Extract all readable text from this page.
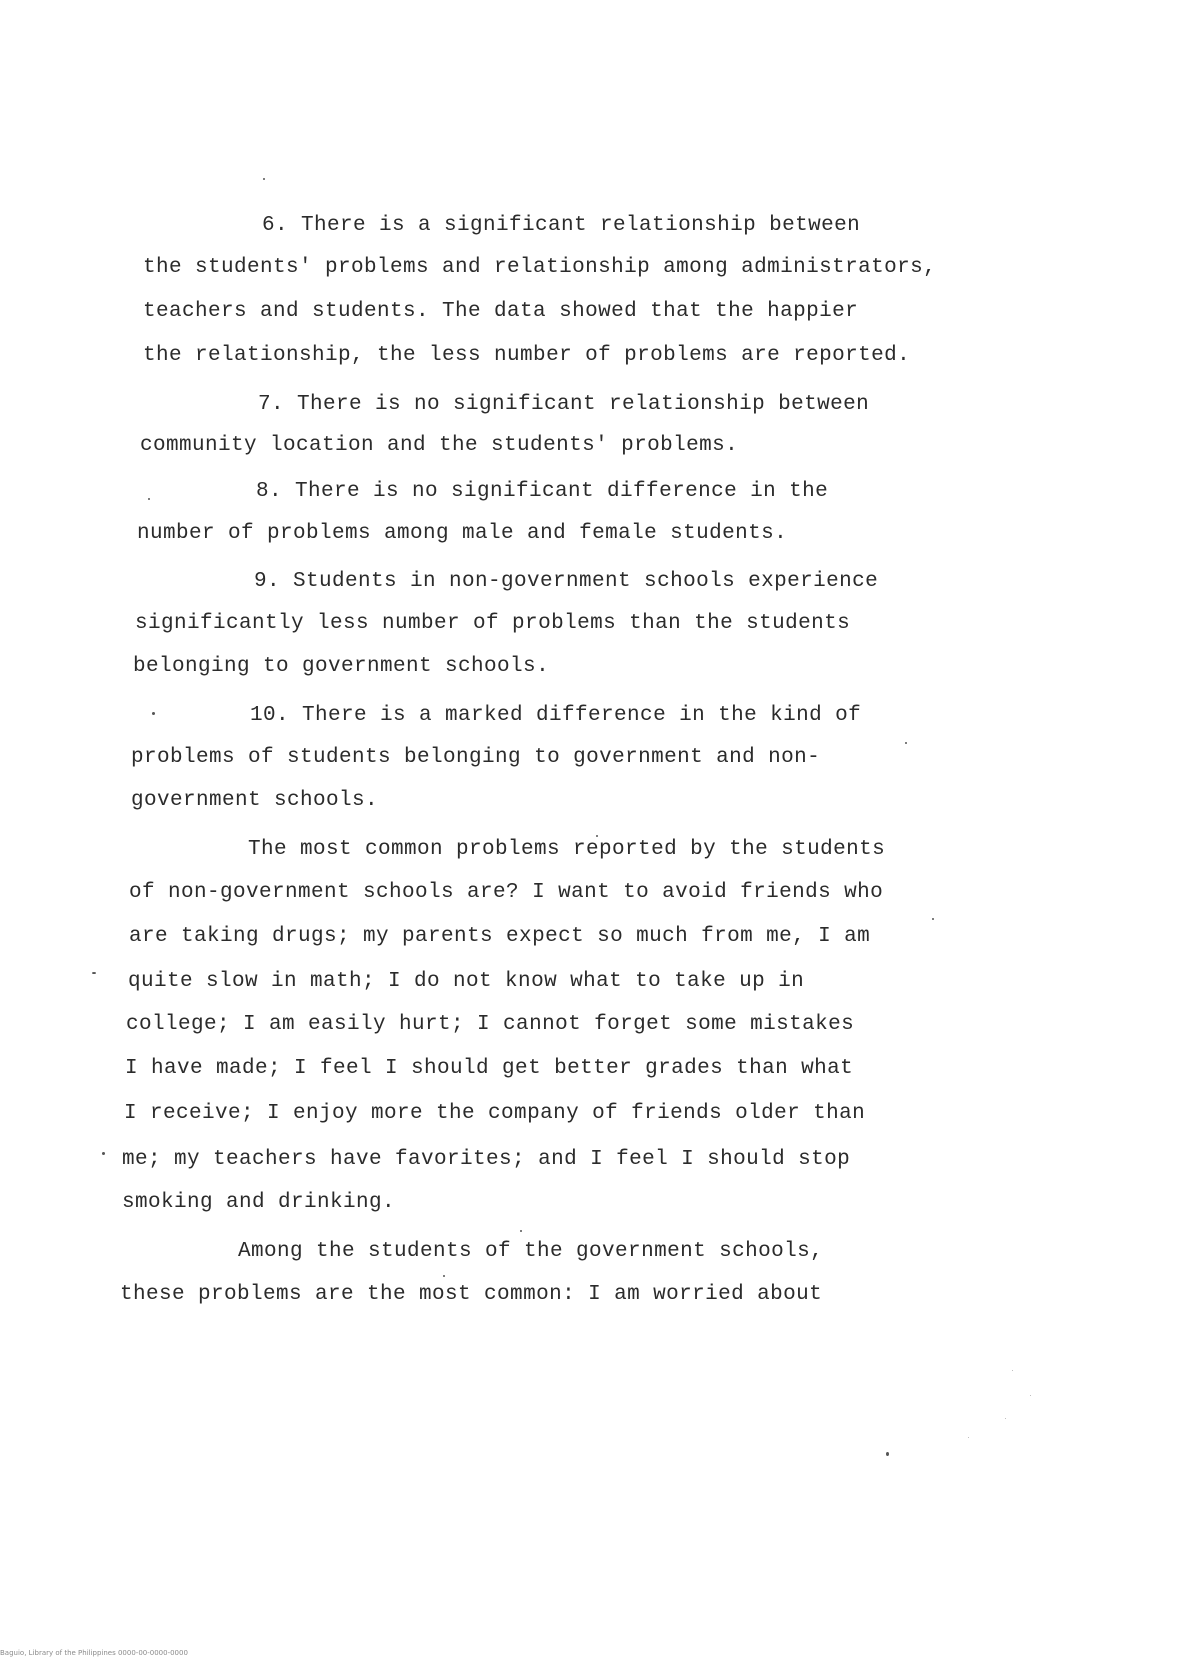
6. There is a significant relationship between
the students' problems and relationship among administrators,
teachers and students. The data showed that the happier
the relationship, the less number of problems are reported.
7. There is no significant relationship between
community location and the students' problems.
8. There is no significant difference in the
number of problems among male and female students.
9. Students in non-government schools experience
significantly less number of problems than the students
belonging to government schools.
10. There is a marked difference in the kind of
problems of students belonging to government and non-
government schools.
The most common problems reported by the students
of non-government schools are? I want to avoid friends who
are taking drugs; my parents expect so much from me, I am
quite slow in math; I do not know what to take up in
college; I am easily hurt; I cannot forget some mistakes
I have made; I feel I should get better grades than what
I receive; I enjoy more the company of friends older than
me; my teachers have favorites; and I feel I should stop
smoking and drinking.
Among the students of the government schools,
these problems are the most common: I am worried about
Baguio, Library of the Philippines 0000-00-0000-0000
